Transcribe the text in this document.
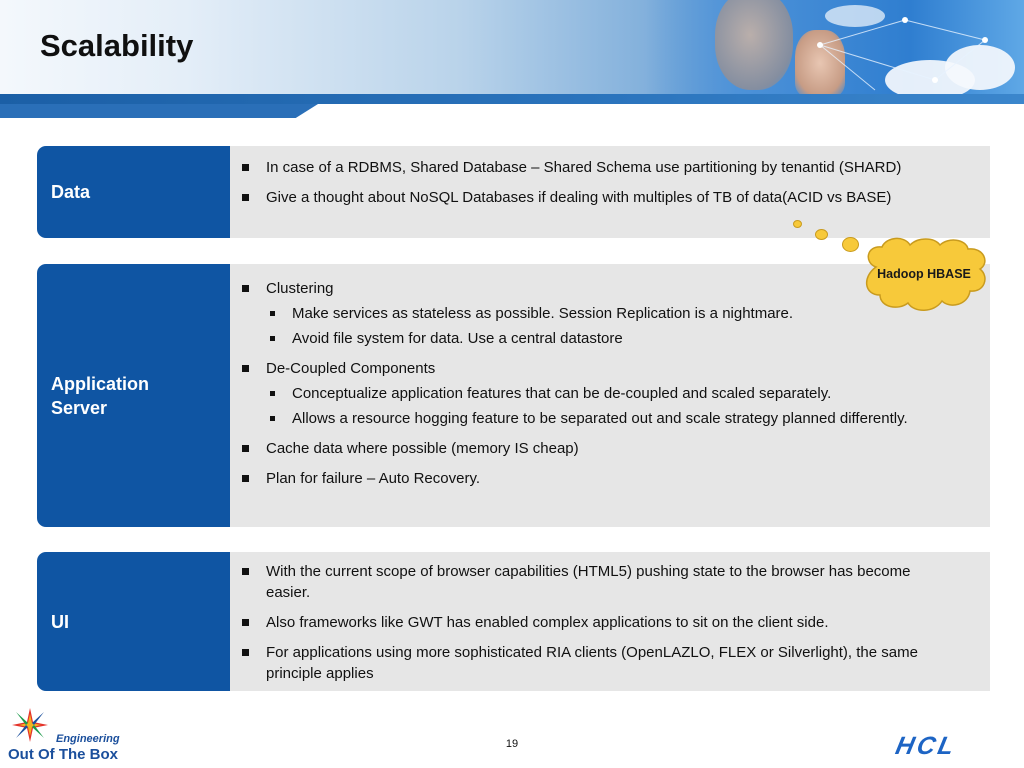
Scalability
Data
In case of a RDBMS, Shared Database – Shared Schema use partitioning by tenantid (SHARD)
Give a thought about NoSQL Databases if dealing with multiples of TB of data(ACID vs BASE)
Application Server
Clustering
Make services as stateless as possible. Session Replication is a nightmare.
Avoid file system for data. Use a central datastore
De-Coupled Components
Conceptualize application features that can be de-coupled and scaled separately.
Allows a resource hogging feature to be separated out and scale strategy planned differently.
Cache data where possible (memory IS cheap)
Plan for failure – Auto Recovery.
UI
With the current scope of browser capabilities (HTML5) pushing state to the browser has become easier.
Also frameworks like GWT has enabled complex applications to sit on the client side.
For applications using more sophisticated RIA clients (OpenLAZLO, FLEX or Silverlight), the same principle applies
Hadoop HBASE
Engineering
Out Of The Box
19	HCL
